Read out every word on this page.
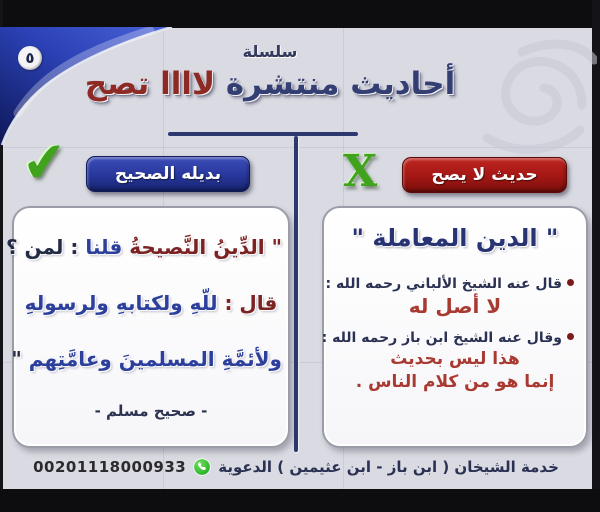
٥	سلسلة
أحاديث منتشرة لاااا تصح
✔	بديله الصحيح

" الدِّينُ النَّصيحةُ قلنا : لمن ؟

قال : للّهِ ولكتابهِ ولرسولهِ

ولأئمَّةِ المسلمينَ وعامَّتِهم "

- صحيح مسلم -

X	حديث لا يصح
" الدين المعاملة "

قال عنه الشيخ الألباني رحمه الله :

لا أصل له

وقال عنه الشيخ ابن باز رحمه الله :

هذا ليس بحديث

إنما هو من كلام الناس .

خدمة الشيخان ( ابن باز - ابن عثيمين ) الدعوية
00201118000933
